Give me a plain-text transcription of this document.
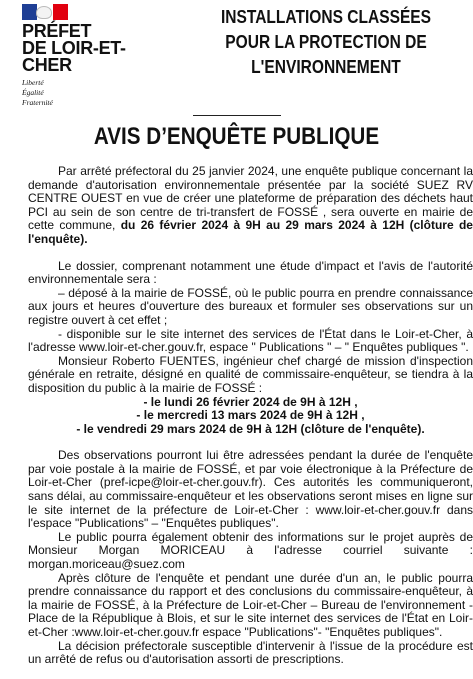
PRÉFET
DE LOIR-ET-CHER
Liberté
Égalité
Fraternité
INSTALLATIONS CLASSÉES
POUR LA PROTECTION DE
L'ENVIRONNEMENT
AVIS D’ENQUÊTE PUBLIQUE

Par arrêté préfectoral du 25 janvier 2024, une enquête publique concernant la demande d'autorisation environnementale présentée par la société SUEZ RV CENTRE OUEST en vue de créer une plateforme de préparation des déchets haut PCI au sein de son centre de tri-transfert de FOSSÉ , sera ouverte en mairie de cette commune, du 26 février 2024 à 9H au 29 mars 2024 à 12H (clôture de l'enquête).

Le dossier, comprenant notamment une étude d'impact et l'avis de l'autorité environnementale sera :

– déposé à la mairie de FOSSÉ, où le public pourra en prendre connaissance aux jours et heures d'ouverture des bureaux et formuler ses observations sur un registre ouvert à cet effet ;

- disponible sur le site internet des services de l'État dans le Loir-et-Cher, à l'adresse www.loir-et-cher.gouv.fr, espace " Publications " – " Enquêtes publiques ".

Monsieur Roberto FUENTES, ingénieur chef chargé de mission d'inspection générale en retraite, désigné en qualité de commissaire-enquêteur, se tiendra à la disposition du public à la mairie de FOSSÉ :

- le lundi 26 février 2024 de 9H à 12H ,

- le mercredi 13 mars 2024 de 9H à 12H ,

- le vendredi 29 mars 2024 de 9H à 12H (clôture de l'enquête).

Des observations pourront lui être adressées pendant la durée de l'enquête par voie postale à la mairie de FOSSÉ, et par voie électronique à la Préfecture de Loir-et-Cher (pref-icpe@loir-et-cher.gouv.fr). Ces autorités les communiqueront, sans délai, au commissaire-enquêteur et les observations seront mises en ligne sur le site internet de la préfecture de Loir-et-Cher : www.loir-et-cher.gouv.fr dans l'espace "Publications" – "Enquêtes publiques".

Le public pourra également obtenir des informations sur le projet auprès de Monsieur Morgan MORICEAU à l'adresse courriel suivante : morgan.moriceau@suez.com

Après clôture de l'enquête et pendant une durée d'un an, le public pourra prendre connaissance du rapport et des conclusions du commissaire-enquêteur, à la mairie de FOSSÉ, à la Préfecture de Loir-et-Cher – Bureau de l'environnement - Place de la République à Blois, et sur le site internet des services de l'État en Loir-et-Cher :www.loir-et-cher.gouv.fr espace "Publications"- "Enquêtes publiques".

La décision préfectorale susceptible d'intervenir à l'issue de la procédure est un arrêté de refus ou d'autorisation assorti de prescriptions.
